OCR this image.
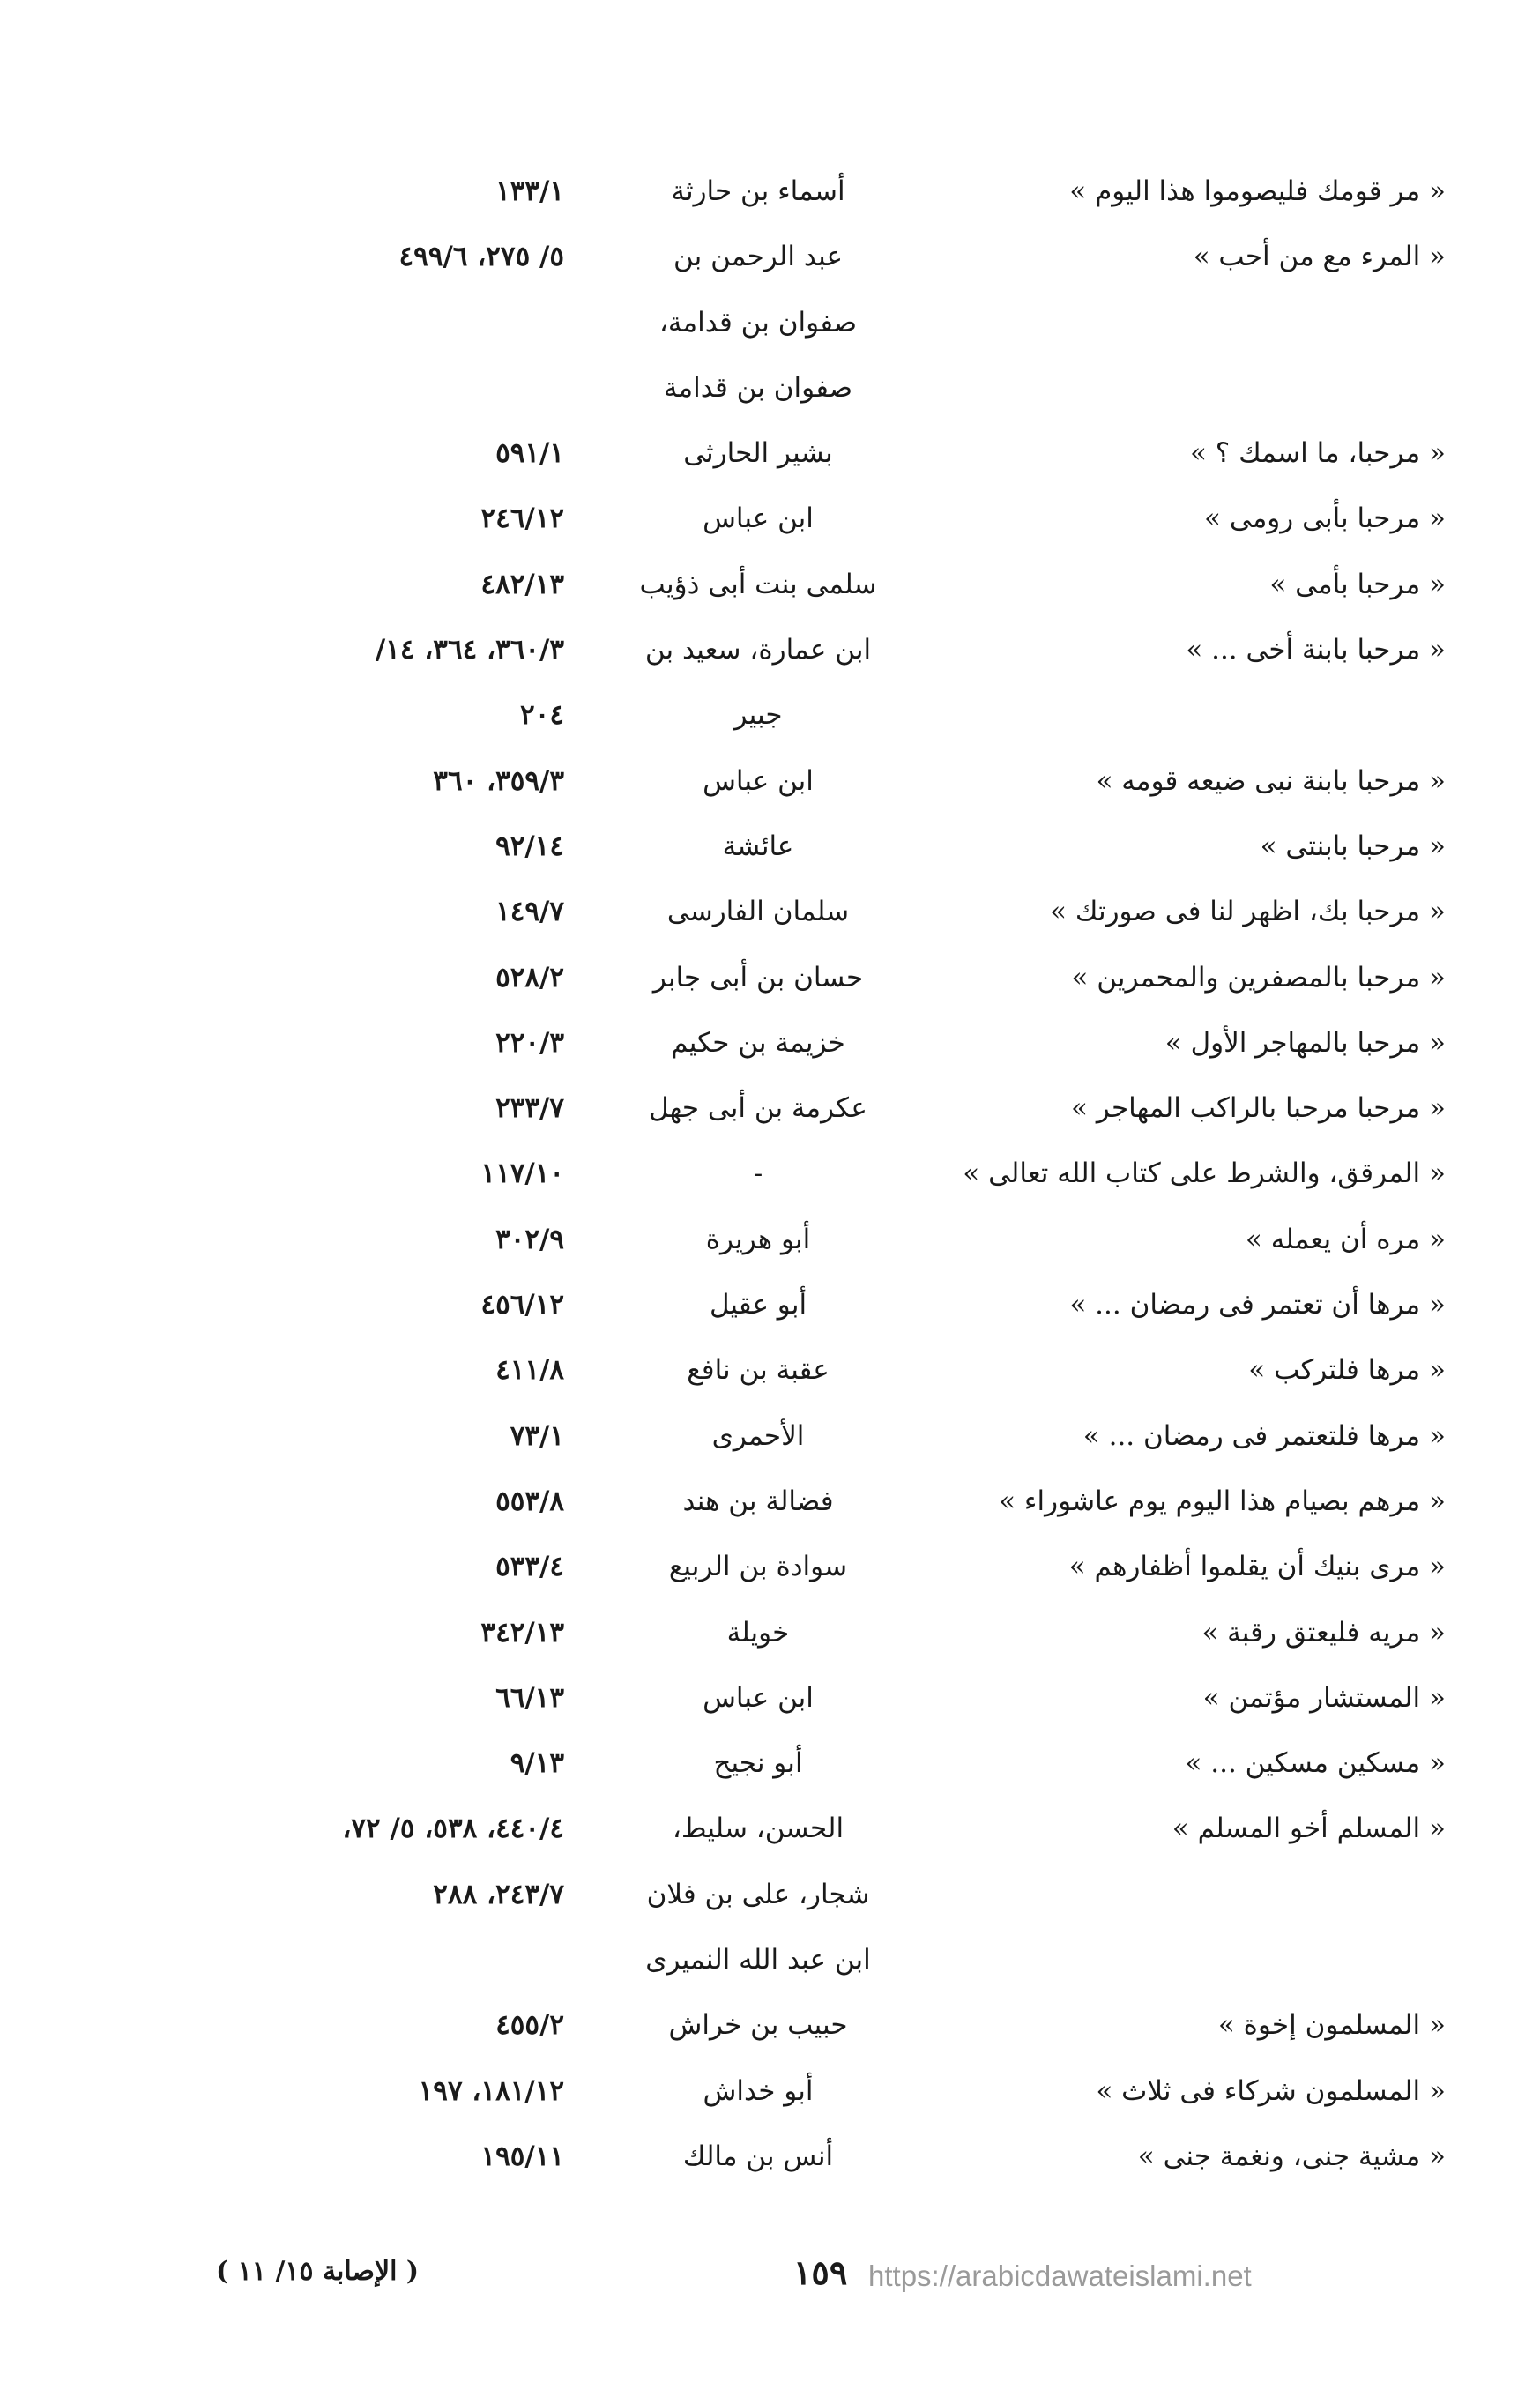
« مر قومك فليصوموا هذا اليوم »
أسماء بن حارثة
١٣٣/١
« المرء مع من أحب »
عبد الرحمن بن
٥/ ٢٧٥، ٤٩٩/٦
صفوان بن قدامة،
صفوان بن قدامة
« مرحبا، ما اسمك ؟ »
بشير الحارثى
٥٩١/١
« مرحبا بأبى رومى »
ابن عباس
٢٤٦/١٢
« مرحبا بأمى »
سلمى بنت أبى ذؤيب
٤٨٢/١٣
« مرحبا بابنة أخى ... »
ابن عمارة، سعيد بن
٣٦٠/٣، ٣٦٤، ١٤/
جبير
٢٠٤
« مرحبا بابنة نبى ضيعه قومه »
ابن عباس
٣٥٩/٣، ٣٦٠
« مرحبا بابنتى »
عائشة
٩٢/١٤
« مرحبا بك، اظهر لنا فى صورتك »
سلمان الفارسى
١٤٩/٧
« مرحبا بالمصفرين والمحمرين »
حسان بن أبى جابر
٥٢٨/٢
« مرحبا بالمهاجر الأول »
خزيمة بن حكيم
٢٢٠/٣
« مرحبا مرحبا بالراكب المهاجر »
عكرمة بن أبى جهل
٢٣٣/٧
« المرقق، والشرط على كتاب الله تعالى »
-
١١٧/١٠
« مره أن يعمله »
أبو هريرة
٣٠٢/٩
« مرها أن تعتمر فى رمضان ... »
أبو عقيل
٤٥٦/١٢
« مرها فلتركب »
عقبة بن نافع
٤١١/٨
« مرها فلتعتمر فى رمضان ... »
الأحمرى
٧٣/١
« مرهم بصيام هذا اليوم يوم عاشوراء »
فضالة بن هند
٥٥٣/٨
« مرى بنيك أن يقلموا أظفارهم »
سوادة بن الربيع
٥٣٣/٤
« مريه فليعتق رقبة »
خويلة
٣٤٢/١٣
« المستشار مؤتمن »
ابن عباس
٦٦/١٣
« مسكين مسكين ... »
أبو نجيح
٩/١٣
« المسلم أخو المسلم »
الحسن، سليط،
٤٤٠/٤، ٥٣٨، ٥/ ٧٢،
شجار، على بن فلان
٢٤٣/٧، ٢٨٨
ابن عبد الله النميرى
« المسلمون إخوة »
حبيب بن خراش
٤٥٥/٢
« المسلمون شركاء فى ثلاث »
أبو خداش
١٨١/١٢، ١٩٧
« مشية جنى، ونغمة جنى »
أنس بن مالك
١٩٥/١١
( الإصابة ١٥/ ١١ )	١٥٩ https://arabicdawateislami.net
